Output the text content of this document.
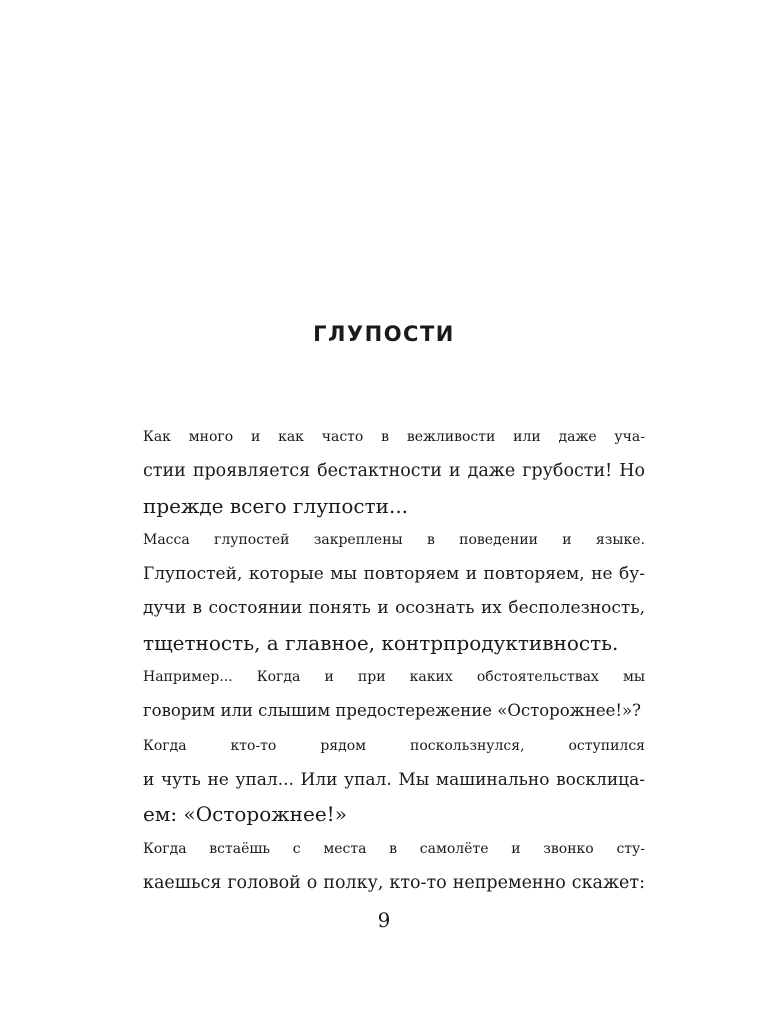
ГЛУПОСТИ

Как много и как часто в вежливости или даже уча-
стии проявляется бестактности и даже грубости! Но
прежде всего глупости...

Масса глупостей закреплены в поведении и языке.
Глупостей, которые мы повторяем и повторяем, не бу-
дучи в состоянии понять и осознать их бесполезность,
тщетность, а главное, контрпродуктивность.

Например... Когда и при каких обстоятельствах мы
говорим или слышим предостережение «Осторожнее!»?

Когда кто-то рядом поскользнулся, оступился
и чуть не упал... Или упал. Мы машинально восклица-
ем: «Осторожнее!»

Когда встаёшь с места в самолёте и звонко сту-
каешься головой о полку, кто-то непременно скажет:

9
